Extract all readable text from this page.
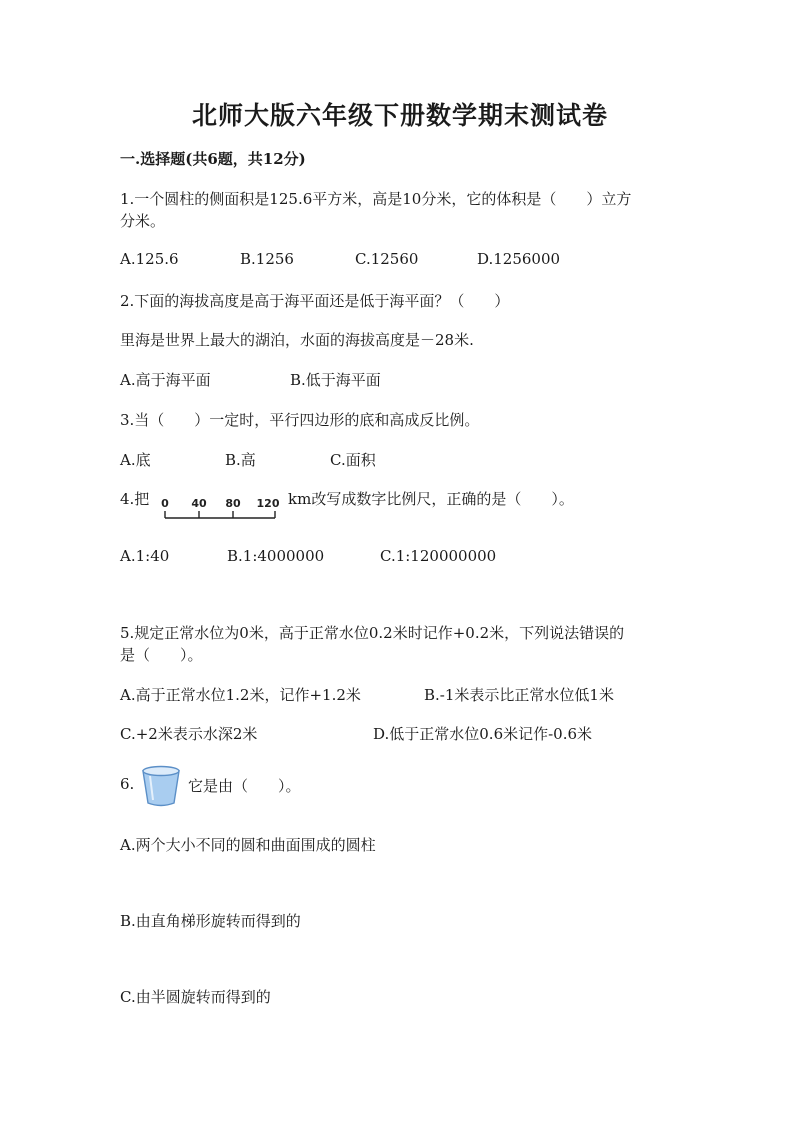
北师大版六年级下册数学期末测试卷
一.选择题(共6题，共12分)
1.一个圆柱的侧面积是125.6平方米，高是10分米，它的体积是（　　）立方
分米。
A.125.6	B.1256	C.12560	D.1256000
2.下面的海拔高度是高于海平面还是低于海平面？（　　）
里海是世界上最大的湖泊，水面的海拔高度是－28米.
A.高于海平面	B.低于海平面
3.当（　　）一定时，平行四边形的底和高成反比例。
A.底	B.高	C.面积
4.把 0 40 80 120 km改写成数字比例尺，正确的是（　　）。
A.1:40	B.1:4000000	C.1:120000000
5.规定正常水位为0米，高于正常水位0.2米时记作+0.2米，下列说法错误的
是（　　）。
A.高于正常水位1.2米，记作+1.2米	B.-1米表示比正常水位低1米
C.+2米表示水深2米	D.低于正常水位0.6米记作-0.6米
6.	它是由（　　）。
A.两个大小不同的圆和曲面围成的圆柱
B.由直角梯形旋转而得到的
C.由半圆旋转而得到的
